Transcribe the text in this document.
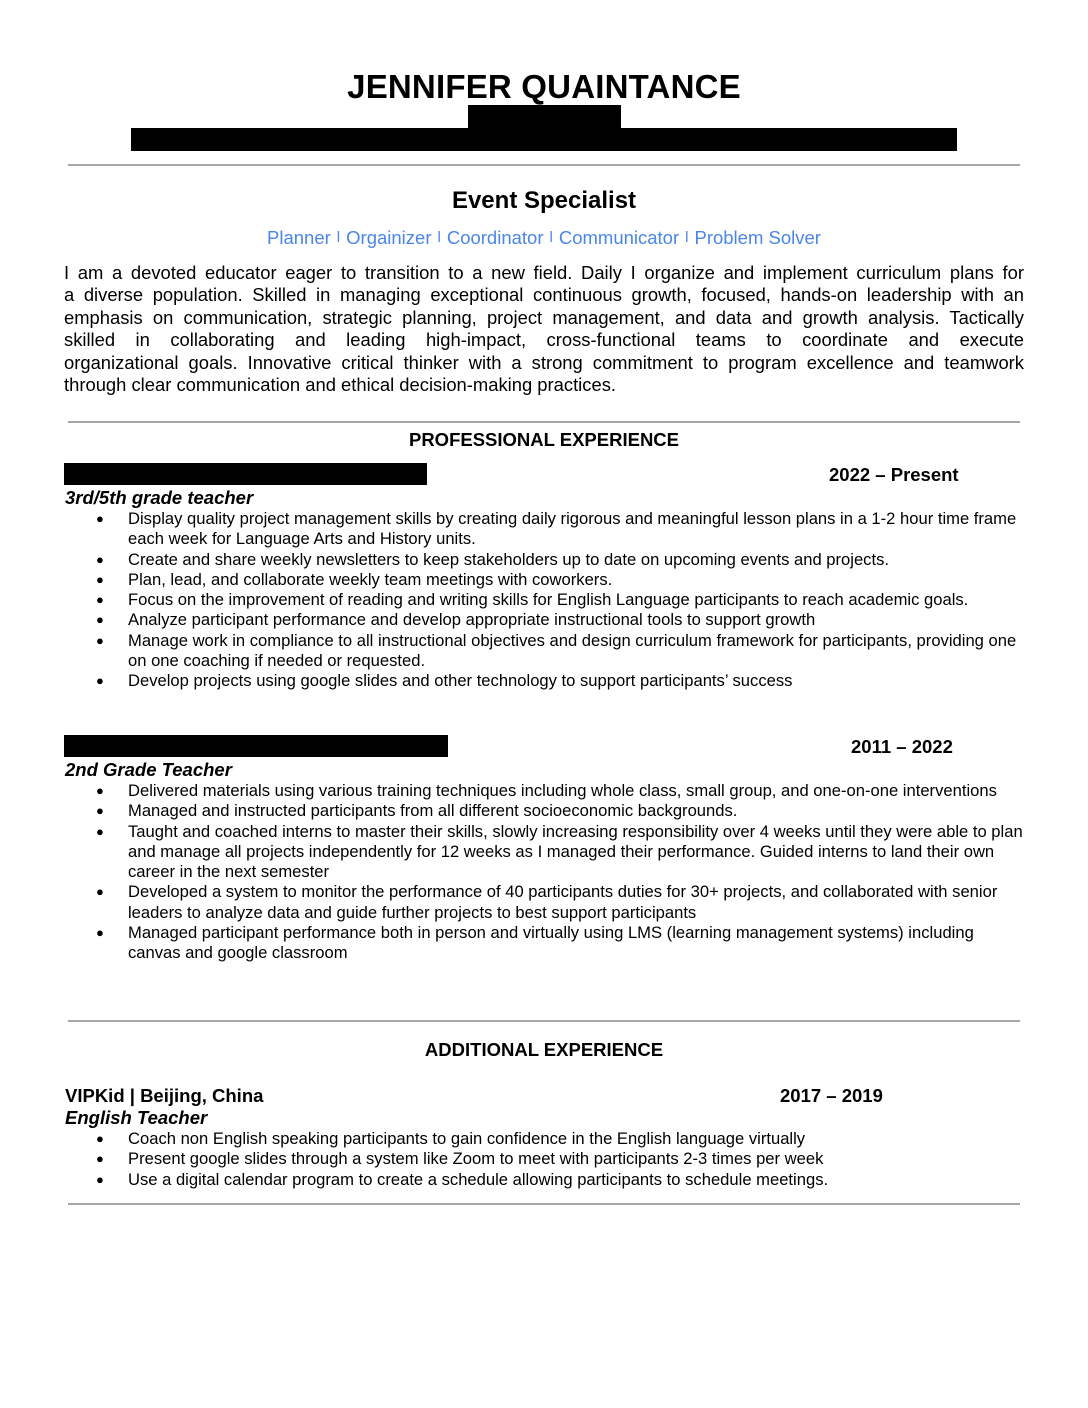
JENNIFER QUAINTANCE
Event Specialist
Planner l Orgainizer l Coordinator l Communicator l Problem Solver
I am a devoted educator eager to transition to a new field. Daily I organize and implement curriculum plans for
a diverse population. Skilled in managing exceptional continuous growth, focused, hands-on leadership with an
emphasis on communication, strategic planning, project management, and data and growth analysis. Tactically
skilled in collaborating and leading high-impact, cross-functional teams to coordinate and execute
organizational goals. Innovative critical thinker with a strong commitment to program excellence and teamwork
through clear communication and ethical decision-making practices.
PROFESSIONAL EXPERIENCE
2022 – Present
3rd/5th grade teacher
● Display quality project management skills by creating daily rigorous and meaningful lesson plans in a 1-2 hour time frame each week for Language Arts and History units.
● Create and share weekly newsletters to keep stakeholders up to date on upcoming events and projects.
● Plan, lead, and collaborate weekly team meetings with coworkers.
● Focus on the improvement of reading and writing skills for English Language participants to reach academic goals.
● Analyze participant performance and develop appropriate instructional tools to support growth
● Manage work in compliance to all instructional objectives and design curriculum framework for participants, providing one on one coaching if needed or requested.
● Develop projects using google slides and other technology to support participants’ success
2011 – 2022
2nd Grade Teacher
● Delivered materials using various training techniques including whole class, small group, and one-on-one interventions
● Managed and instructed participants from all different socioeconomic backgrounds.
● Taught and coached interns to master their skills, slowly increasing responsibility over 4 weeks until they were able to plan and manage all projects independently for 12 weeks as I managed their performance. Guided interns to land their own career in the next semester
● Developed a system to monitor the performance of 40 participants duties for 30+ projects, and collaborated with senior leaders to analyze data and guide further projects to best support participants
● Managed participant performance both in person and virtually using LMS (learning management systems) including canvas and google classroom
ADDITIONAL EXPERIENCE
VIPKid | Beijing, China	2017 – 2019
English Teacher
● Coach non English speaking participants to gain confidence in the English language virtually
● Present google slides through a system like Zoom to meet with participants 2-3 times per week
● Use a digital calendar program to create a schedule allowing participants to schedule meetings.
